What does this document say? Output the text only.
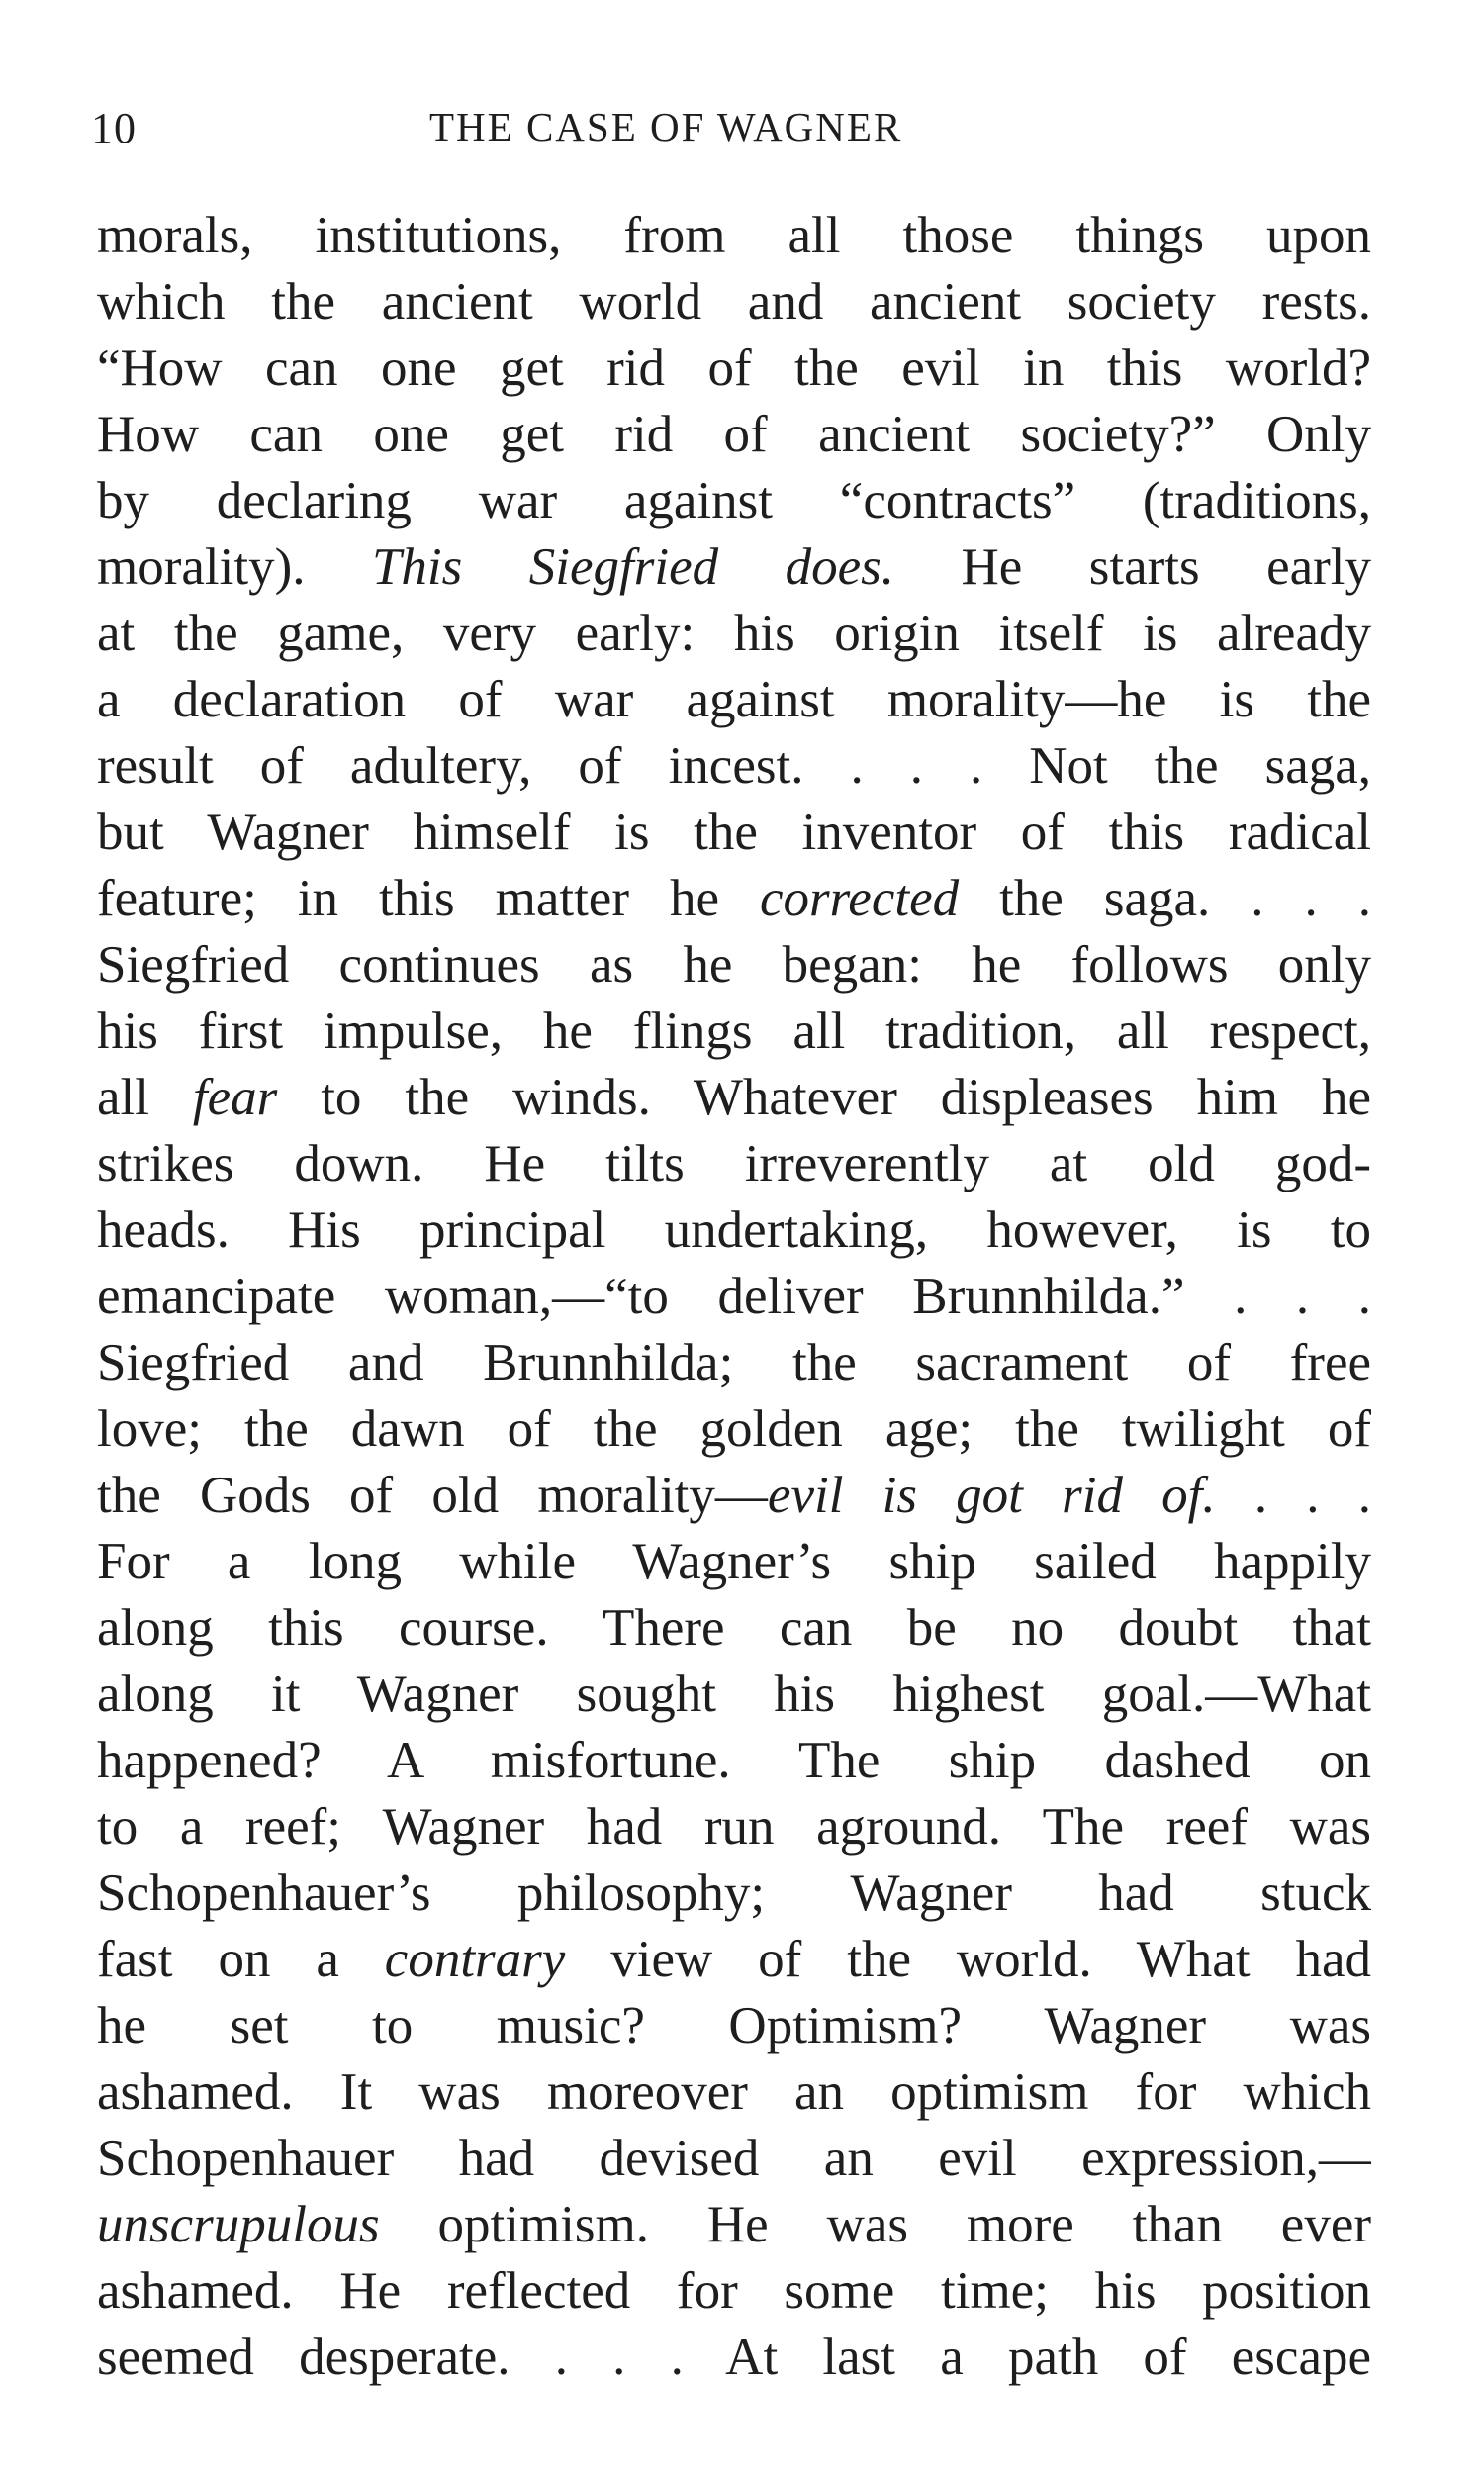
10	THE CASE OF WAGNER
morals, institutions, from all those things upon
which the ancient world and ancient society rests.
“How can one get rid of the evil in this world?
How can one get rid of ancient society?” Only
by declaring war against “contracts” (traditions,
morality). This Siegfried does. He starts early
at the game, very early: his origin itself is already
a declaration of war against morality—he is the
result of adultery, of incest. . . . Not the saga,
but Wagner himself is the inventor of this radical
feature; in this matter he corrected the saga. . . .
Siegfried continues as he began: he follows only
his first impulse, he flings all tradition, all respect,
all fear to the winds. Whatever displeases him he
strikes down. He tilts irreverently at old god-
heads. His principal undertaking, however, is to
emancipate woman,—“to deliver Brunnhilda.” . . .
Siegfried and Brunnhilda; the sacrament of free
love; the dawn of the golden age; the twilight of
the Gods of old morality—evil is got rid of. . . .
For a long while Wagner’s ship sailed happily
along this course. There can be no doubt that
along it Wagner sought his highest goal.—What
happened? A misfortune. The ship dashed on
to a reef; Wagner had run aground. The reef was
Schopenhauer’s philosophy; Wagner had stuck
fast on a contrary view of the world. What had
he set to music? Optimism? Wagner was
ashamed. It was moreover an optimism for which
Schopenhauer had devised an evil expression,—
unscrupulous optimism. He was more than ever
ashamed. He reflected for some time; his position
seemed desperate. . . . At last a path of escape
